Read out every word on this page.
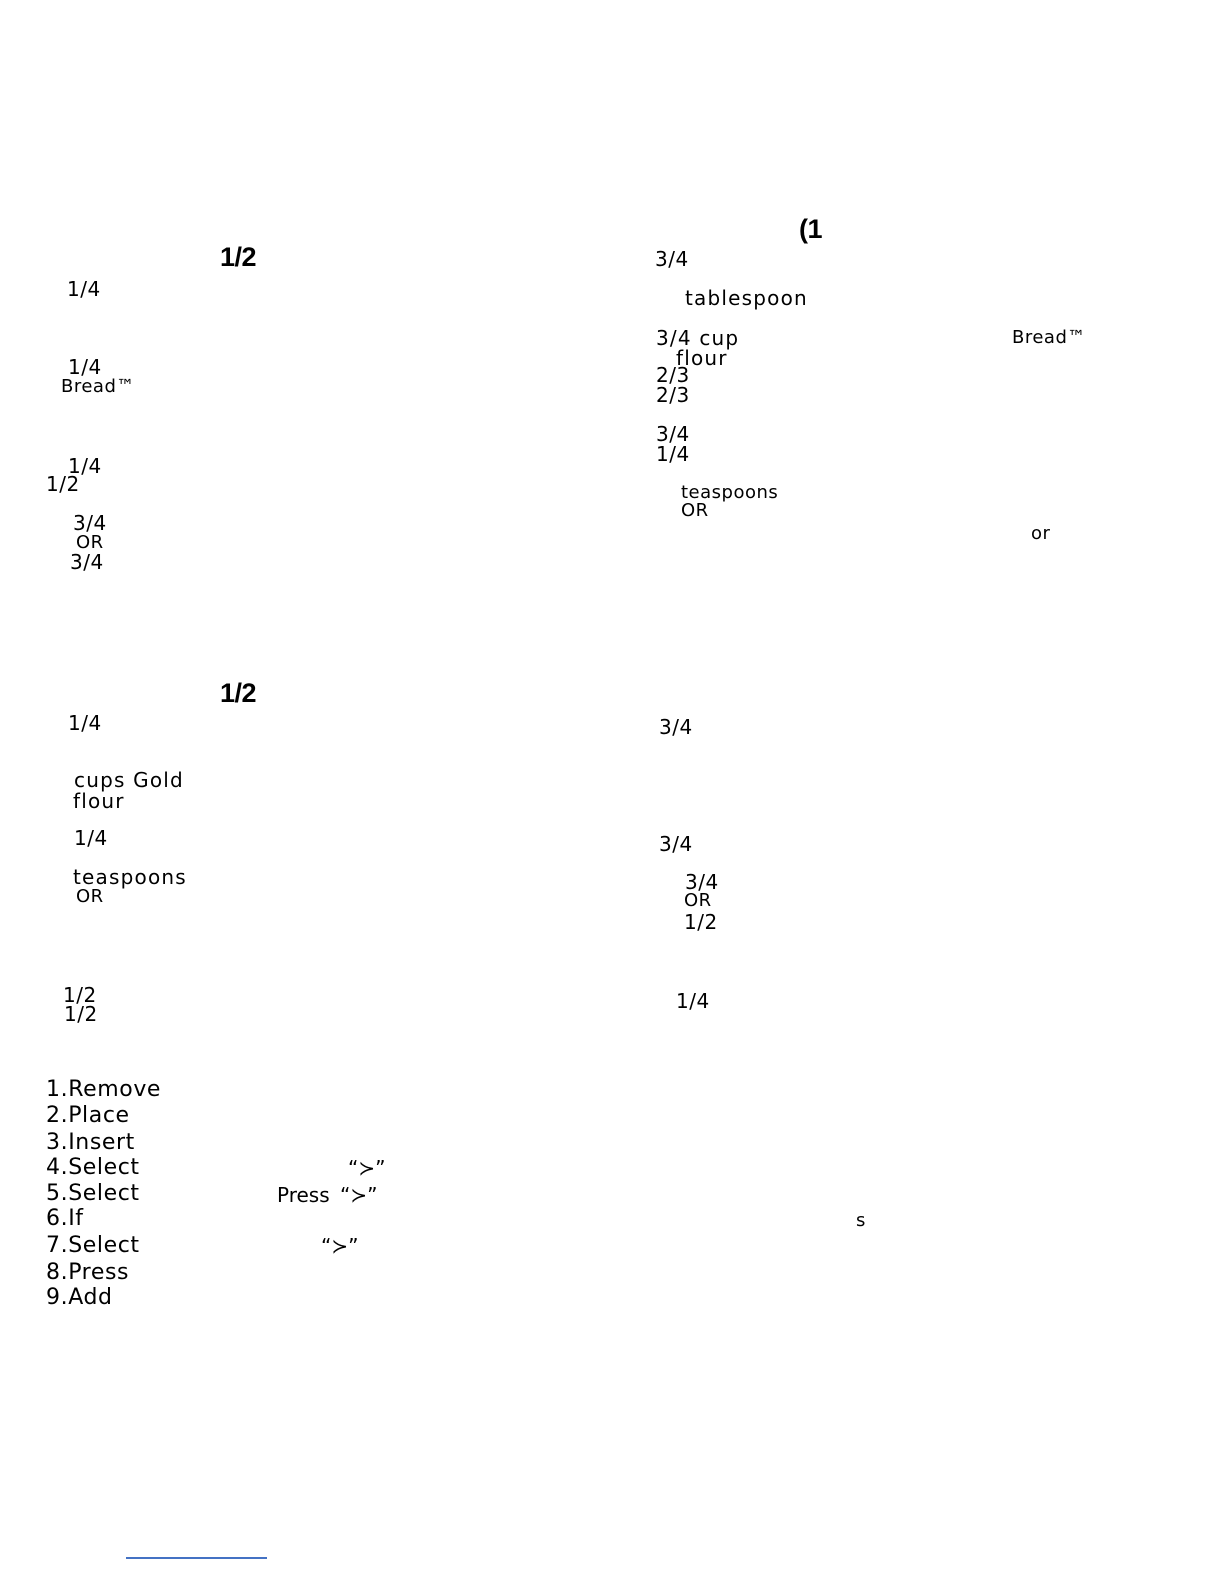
1/2
1/4
1/4
Bread™
1/4
1/2
3/4
OR
3/4
1/2
1/4
cups Gold
flour
1/4
teaspoons
OR
1/2
1/2
1.Remove
2.Place
3.Insert
4.Select
5.Select
6.If
7.Select
8.Press
9.Add
“≻”
Press “≻”
“≻”
(1
3/4
tablespoon
3/4 cup	Bread™
flour
2/3
2/3
3/4
1/4
teaspoons
OR
or
3/4
3/4
3/4
OR
1/2
1/4
s
